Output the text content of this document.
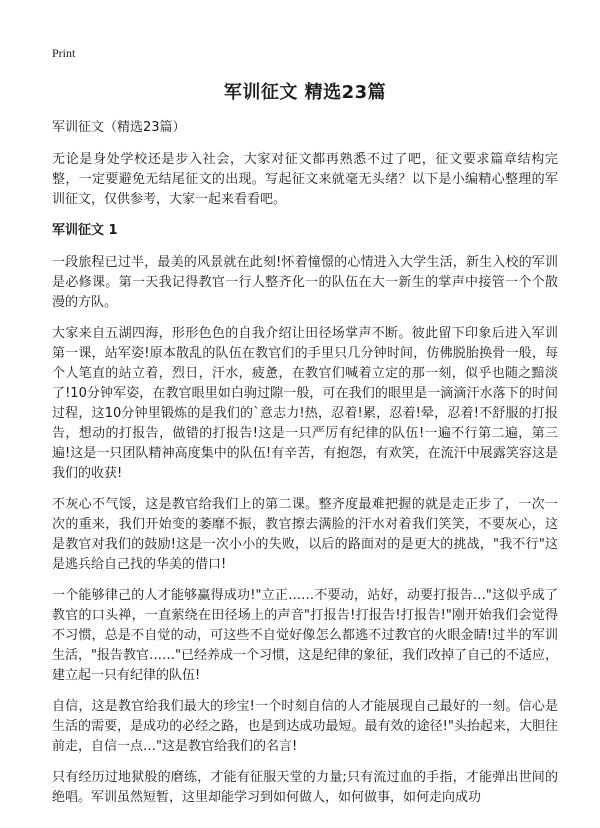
Print
军训征文 精选23篇
军训征文（精选23篇）

无论是身处学校还是步入社会，大家对征文都再熟悉不过了吧，征文要求篇章结构完整，一定要避免无结尾征文的出现。写起征文来就毫无头绪？以下是小编精心整理的军训征文，仅供参考，大家一起来看看吧。

军训征文 1

一段旅程已过半，最美的风景就在此刻!怀着憧憬的心情进入大学生活，新生入校的军训是必修课。第一天我记得教官一行人整齐化一的队伍在大一新生的掌声中接管一个个散漫的方队。

大家来自五湖四海，形形色色的自我介绍让田径场掌声不断。彼此留下印象后进入军训第一课，站军姿!原本散乱的队伍在教官们的手里只几分钟时间，仿佛脱胎换骨一般，每个人笔直的站立着，烈日，汗水，疲惫，在教官们喊着立定的那一刻，似乎也随之黯淡了!10分钟军姿，在教官眼里如白驹过隙一般，可在我们的眼里是一滴滴汗水落下的时间过程，这10分钟里锻炼的是我们的`意志力!热，忍着!累，忍着!晕，忍着!不舒服的打报告，想动的打报告，做错的打报告!这是一只严厉有纪律的队伍!一遍不行第二遍，第三遍!这是一只团队精神高度集中的队伍!有辛苦，有抱怨，有欢笑，在流汗中展露笑容这是我们的收获!

不灰心不气馁，这是教官给我们上的第二课。整齐度最难把握的就是走正步了，一次一次的重来，我们开始变的萎靡不振，教官擦去满脸的汗水对着我们笑笑，不要灰心，这是教官对我们的鼓励!这是一次小小的失败，以后的路面对的是更大的挑战，"我不行"这是逃兵给自己找的华美的借口!

一个能够律己的人才能够赢得成功!"立正……不要动，站好，动要打报告…"这似乎成了教官的口头禅，一直萦绕在田径场上的声音"打报告!打报告!打报告!"刚开始我们会觉得不习惯，总是不自觉的动，可这些不自觉好像怎么都逃不过教官的火眼金睛!过半的军训生活，"报告教官……"已经养成一个习惯，这是纪律的象征，我们改掉了自己的不适应，建立起一只有纪律的队伍!

自信，这是教官给我们最大的珍宝!一个时刻自信的人才能展现自己最好的一刻。信心是生活的需要，是成功的必经之路，也是到达成功最短。最有效的途径!"头抬起来，大胆往前走，自信一点…"这是教官给我们的名言!

只有经历过地狱般的磨练，才能有征服天堂的力量;只有流过血的手指，才能弹出世间的绝唱。军训虽然短暂，这里却能学习到如何做人，如何做事，如何走向成功
